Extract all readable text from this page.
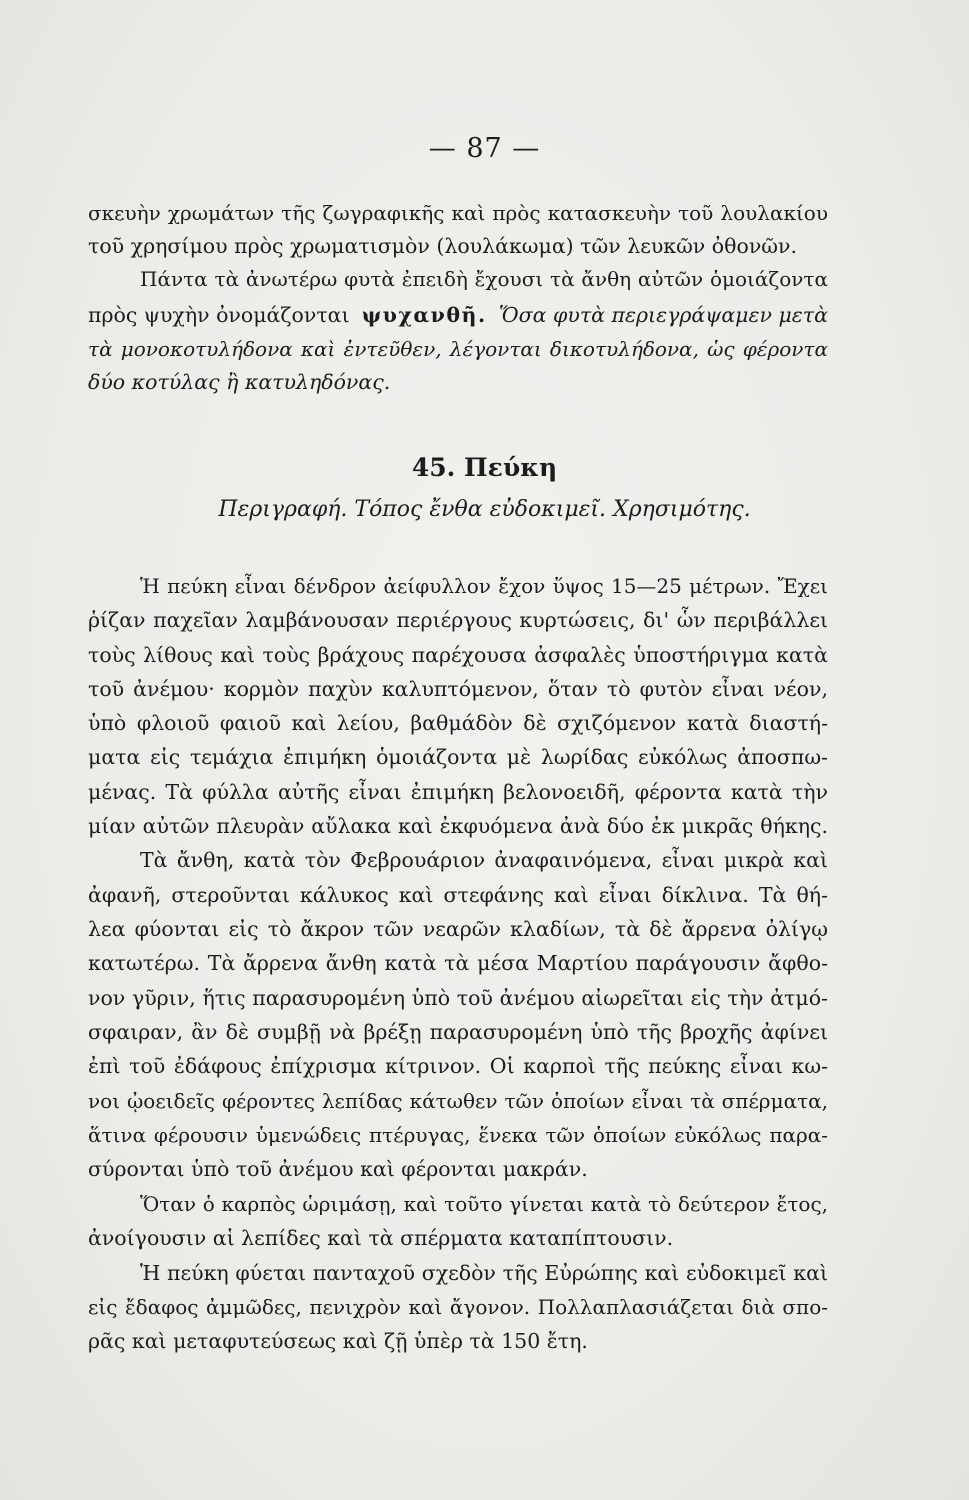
— 87 —
σκευὴν χρωμάτων τῆς ζωγραφικῆς καὶ πρὸς κατασκευὴν τοῦ λουλακίου
τοῦ χρησίμου πρὸς χρωματισμὸν (λουλάκωμα) τῶν λευκῶν ὀθονῶν.
Πάντα τὰ ἀνωτέρω φυτὰ ἐπειδὴ ἔχουσι τὰ ἄνθη αὐτῶν ὁμοιάζοντα
πρὸς ψυχὴν ὀνομάζονται ψυχανθῆ. Ὅσα φυτὰ περιεγράψαμεν μετὰ
τὰ μονοκοτυλήδονα καὶ ἐντεῦθεν, λέγονται δικοτυλήδονα, ὡς φέροντα
δύο κοτύλας ἢ κατυληδόνας.
45. Πεύκη
Περιγραφή. Τόπος ἔνθα εὐδοκιμεῖ. Χρησιμότης.
Ἡ πεύκη εἶναι δένδρον ἀείφυλλον ἔχον ὕψος 15—25 μέτρων. Ἔχει
ῥίζαν παχεῖαν λαμβάνουσαν περιέργους κυρτώσεις, δι' ὧν περιβάλλει
τοὺς λίθους καὶ τοὺς βράχους παρέχουσα ἀσφαλὲς ὑποστήριγμα κατὰ
τοῦ ἀνέμου· κορμὸν παχὺν καλυπτόμενον, ὅταν τὸ φυτὸν εἶναι νέον,
ὑπὸ φλοιοῦ φαιοῦ καὶ λείου, βαθμάδὸν δὲ σχιζόμενον κατὰ διαστή-
ματα εἰς τεμάχια ἐπιμήκη ὁμοιάζοντα μὲ λωρίδας εὐκόλως ἀποσπω-
μένας. Τὰ φύλλα αὐτῆς εἶναι ἐπιμήκη βελονοειδῆ, φέροντα κατὰ τὴν
μίαν αὐτῶν πλευρὰν αὔλακα καὶ ἐκφυόμενα ἀνὰ δύο ἐκ μικρᾶς θήκης.
Τὰ ἄνθη, κατὰ τὸν Φεβρουάριον ἀναφαινόμενα, εἶναι μικρὰ καὶ
ἀφανῆ, στεροῦνται κάλυκος καὶ στεφάνης καὶ εἶναι δίκλινα. Τὰ θή-
λεα φύονται εἰς τὸ ἄκρον τῶν νεαρῶν κλαδίων, τὰ δὲ ἄρρενα ὀλίγῳ
κατωτέρω. Τὰ ἄρρενα ἄνθη κατὰ τὰ μέσα Μαρτίου παράγουσιν ἄφθο-
νον γῦριν, ἥτις παρασυρομένη ὑπὸ τοῦ ἀνέμου αἰωρεῖται εἰς τὴν ἀτμό-
σφαιραν, ἂν δὲ συμβῇ νὰ βρέξῃ παρασυρομένη ὑπὸ τῆς βροχῆς ἀφίνει
ἐπὶ τοῦ ἐδάφους ἐπίχρισμα κίτρινον. Οἱ καρποὶ τῆς πεύκης εἶναι κω-
νοι ᾠοειδεῖς φέροντες λεπίδας κάτωθεν τῶν ὁποίων εἶναι τὰ σπέρματα,
ἅτινα φέρουσιν ὑμενώδεις πτέρυγας, ἕνεκα τῶν ὁποίων εὐκόλως παρα-
σύρονται ὑπὸ τοῦ ἀνέμου καὶ φέρονται μακράν.
Ὅταν ὁ καρπὸς ὡριμάσῃ, καὶ τοῦτο γίνεται κατὰ τὸ δεύτερον ἔτος,
ἀνοίγουσιν αἱ λεπίδες καὶ τὰ σπέρματα καταπίπτουσιν.
Ἡ πεύκη φύεται πανταχοῦ σχεδὸν τῆς Εὐρώπης καὶ εὐδοκιμεῖ καὶ
εἰς ἔδαφος ἀμμῶδες, πενιχρὸν καὶ ἄγονον. Πολλαπλασιάζεται διὰ σπο-
ρᾶς καὶ μεταφυτεύσεως καὶ ζῇ ὑπὲρ τὰ 150 ἔτη.
